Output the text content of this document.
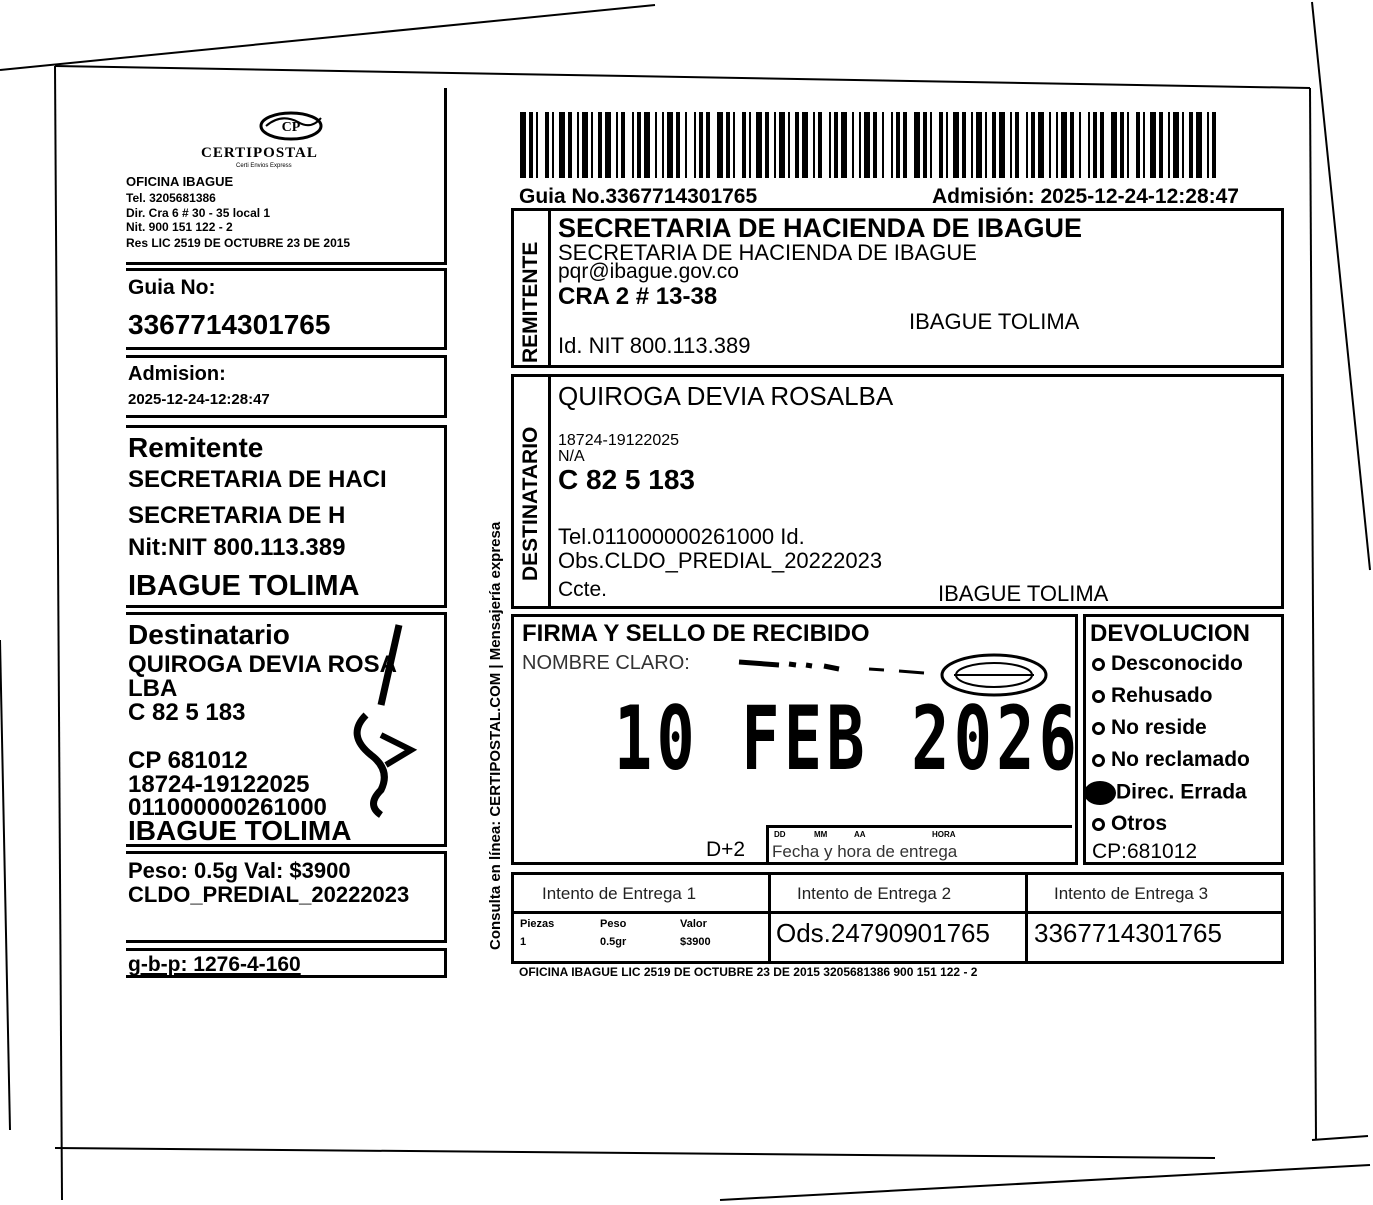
CP
CERTIPOSTAL
Certi Envios Express
OFICINA IBAGUE
Tel. 3205681386
Dir. Cra 6 # 30 - 35 local 1
Nit. 900 151 122 - 2
Res LIC 2519 DE OCTUBRE 23 DE 2015
Guia No:
3367714301765
Admision:
2025-12-24-12:28:47
Remitente
SECRETARIA DE HACI
SECRETARIA DE H
Nit:NIT 800.113.389
IBAGUE TOLIMA
Destinatario
QUIROGA DEVIA ROSA
LBA
C 82 5 183
CP 681012
18724-19122025
011000000261000
IBAGUE TOLIMA
Peso: 0.5g Val: $3900
CLDO_PREDIAL_20222023
g-b-p: 1276-4-160
Consulta en línea: CERTIPOSTAL.COM | Mensajería expresa
Guia No.3367714301765	Admisión: 2025-12-24-12:28:47
REMITENTE
SECRETARIA DE HACIENDA DE IBAGUE
SECRETARIA DE HACIENDA DE IBAGUE
pqr@ibague.gov.co
CRA 2 # 13-38
IBAGUE TOLIMA
Id. NIT 800.113.389
DESTINATARIO
QUIROGA DEVIA ROSALBA
18724-19122025
N/A
C 82 5 183
Tel.011000000261000 Id.
Obs.CLDO_PREDIAL_20222023
Ccte.	IBAGUE TOLIMA
FIRMA Y SELLO DE RECIBIDO
NOMBRE CLARO:
10 FEB 2026
D+2
DD	MM	AA	HORA
Fecha y hora de entrega
DEVOLUCION
Desconocido
Rehusado
No reside
No reclamado
Direc. Errada
Otros
CP:681012
Intento de Entrega 1	Intento de Entrega 2	Intento de Entrega 3
Piezas	Peso	Valor
1	0.5gr	$3900	Ods.24790901765 3367714301765
OFICINA IBAGUE LIC 2519 DE OCTUBRE 23 DE 2015 3205681386 900 151 122 - 2
